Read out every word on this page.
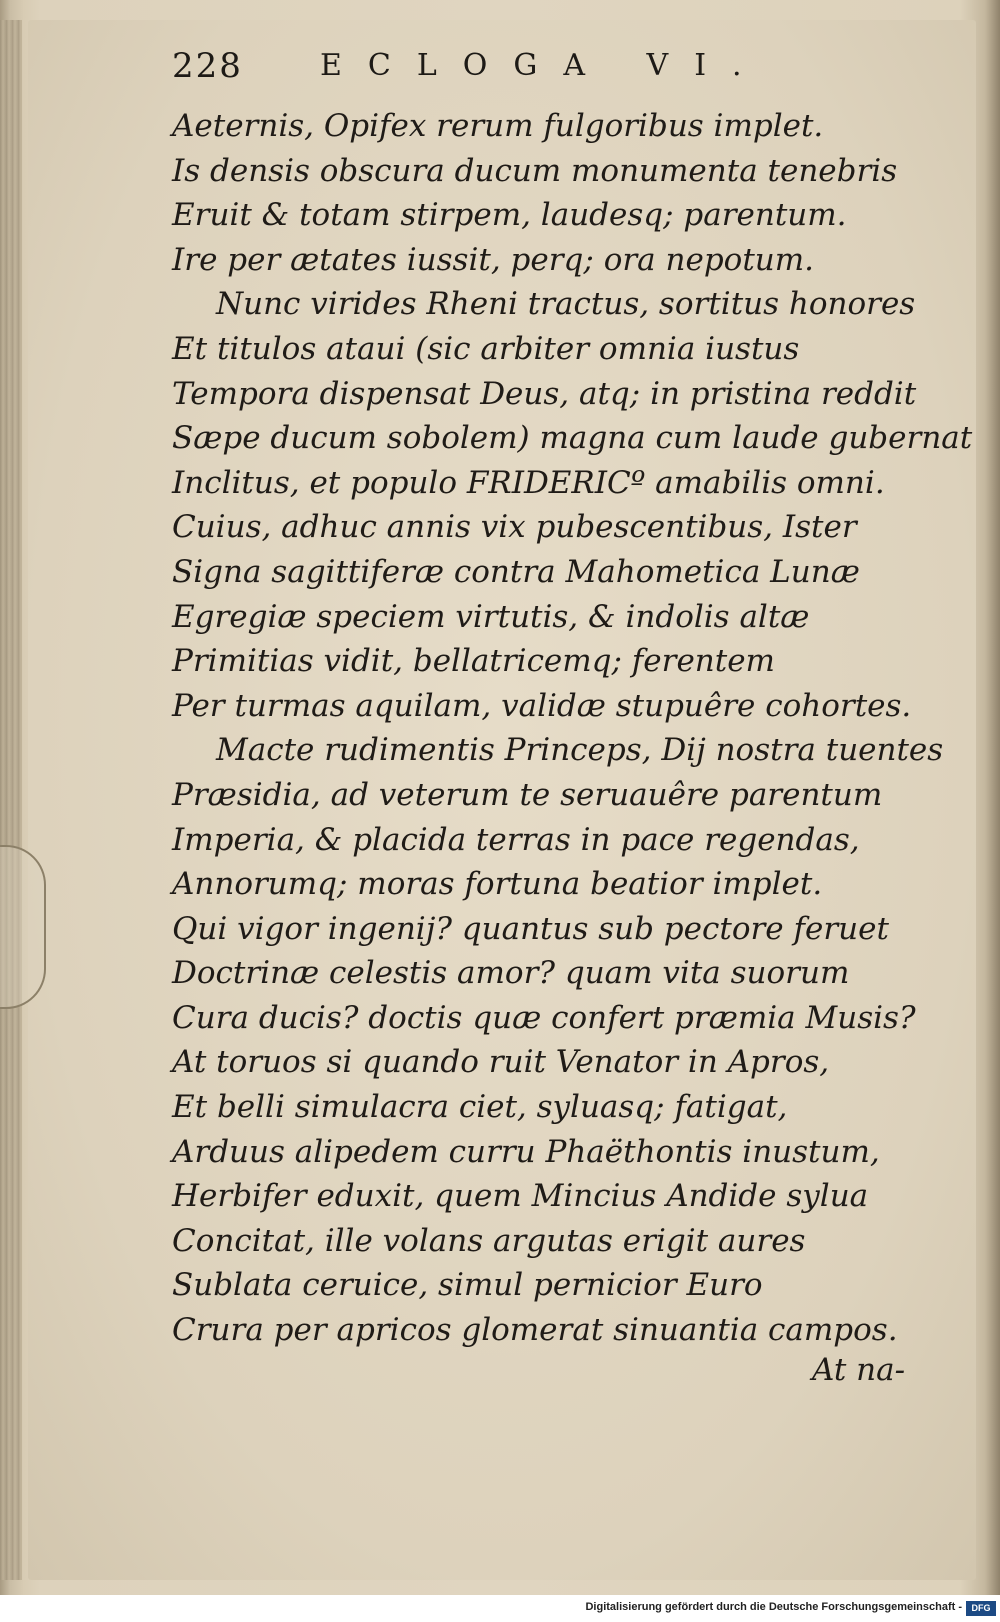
228	ECLOGA VI.
Aeternis, Opifex rerum fulgoribus implet.
Is densis obscura ducum monumenta tenebris
Eruit & totam stirpem, laudesq; parentum.
Ire per ætates iussit, perq; ora nepotum.
Nunc virides Rheni tractus, sortitus honores
Et titulos ataui (sic arbiter omnia iustus
Tempora dispensat Deus, atq; in pristina reddit
Sæpe ducum sobolem) magna cum laude gubernat
Inclitus, et populo FRIDERICº amabilis omni.
Cuius, adhuc annis vix pubescentibus, Ister
Signa sagittiferæ contra Mahometica Lunæ
Egregiæ speciem virtutis, & indolis altæ
Primitias vidit, bellatricemq; ferentem
Per turmas aquilam, validæ stupuêre cohortes.
Macte rudimentis Princeps, Dij nostra tuentes
Præsidia, ad veterum te seruauêre parentum
Imperia, & placida terras in pace regendas,
Annorumq; moras fortuna beatior implet.
Qui vigor ingenij? quantus sub pectore feruet
Doctrinæ celestis amor? quam vita suorum
Cura ducis? doctis quæ confert præmia Musis?
At toruos si quando ruit Venator in Apros,
Et belli simulacra ciet, syluasq; fatigat,
Arduus alipedem curru Phaëthontis inustum,
Herbifer eduxit, quem Mincius Andide sylua
Concitat, ille volans argutas erigit aures
Sublata ceruice, simul pernicior Euro
Crura per apricos glomerat sinuantia campos.
At na-
Digitalisierung gefördert durch die Deutsche Forschungsgemeinschaft -	DFG
